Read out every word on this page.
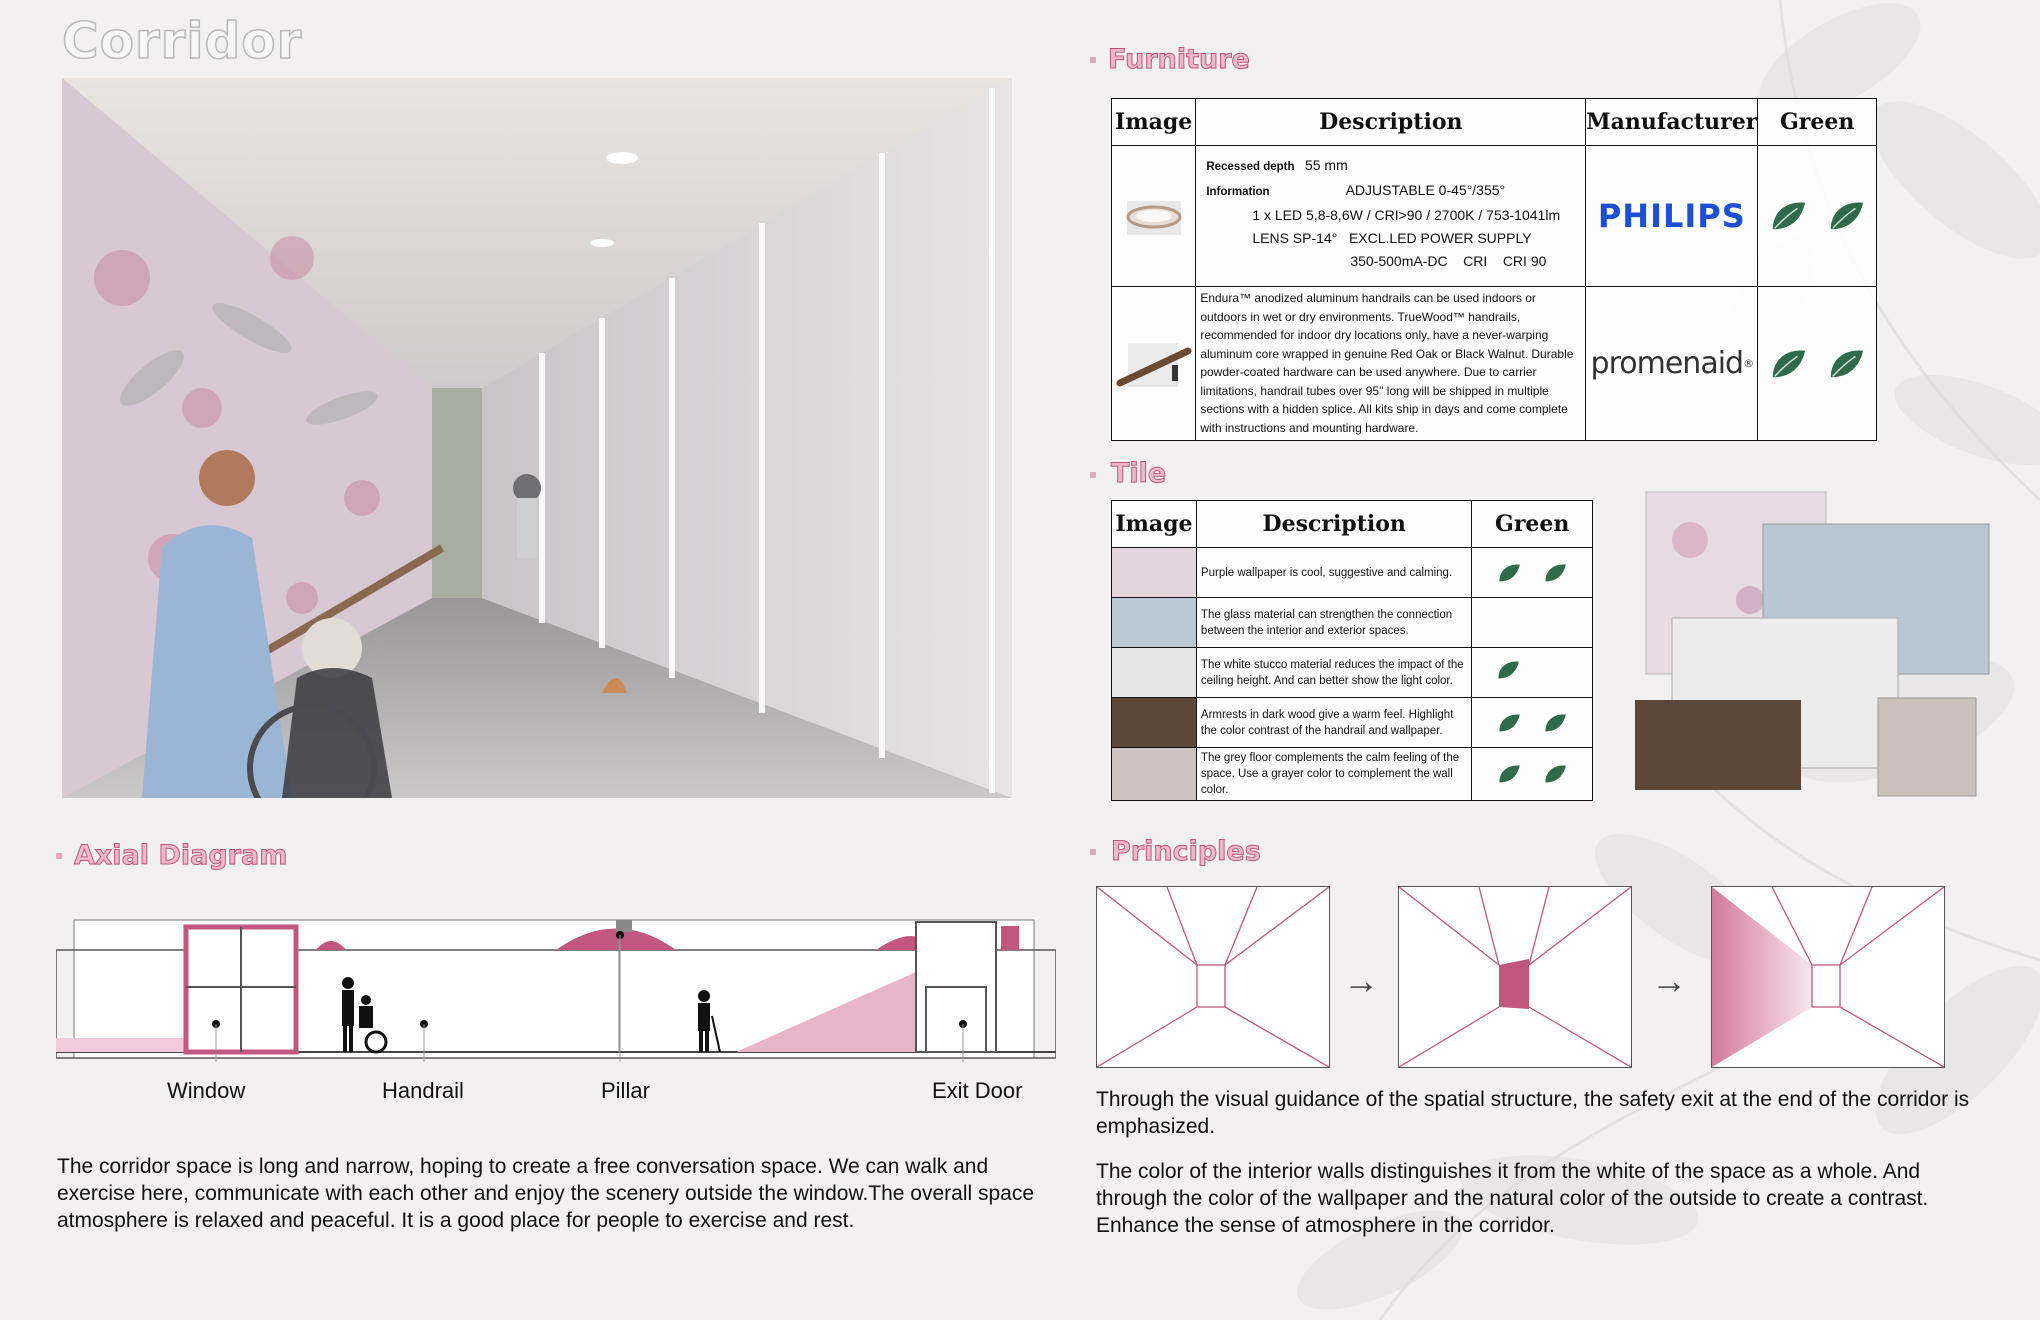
Corridor	Furniture
Image	Description	Manufacturer	Green

Recessed depth 55 mm
Information ADJUSTABLE 0-45°/355°
1 x LED 5,8-8,6W / CRI>90 / 2700K / 753-1041lm
LENS SP-14°   EXCL.LED POWER SUPPLY
350-500mA-DC    CRI    CRI 90	PHILIPS

Endura™ anodized aluminum handrails can be used indoors or outdoors in wet or dry environments. TrueWood™ handrails, recommended for indoor dry locations only, have a never-warping aluminum core wrapped in genuine Red Oak or Black Walnut. Durable powder-coated hardware can be used anywhere. Due to carrier limitations, handrail tubes over 95" long will be shipped in multiple sections with a hidden splice. All kits ship in days and come complete with instructions and mounting hardware.	promenaid ®

Tile
Image	Description	Green

	Purple wallpaper is cool, suggestive and calming.

	The glass material can strengthen the connection between the interior and exterior spaces.	

	The white stucco material reduces the impact of the ceiling height. And can better show the light color.

	Armrests in dark wood give a warm feel. Highlight the color contrast of the handrail and wallpaper.

	The grey floor complements the calm feeling of the space. Use a grayer color to complement the wall color.

Axial Diagram
Window	Handrail	Pillar	Exit Door
The corridor space is long and narrow, hoping to create a free conversation space. We can walk and exercise here, communicate with each other and enjoy the scenery outside the window.The overall space atmosphere is relaxed and peaceful. It is a good place for people to exercise and rest.
Principles
→	→
Through the visual guidance of the spatial structure, the safety exit at the end of the corridor is emphasized.
The color of the interior walls distinguishes it from the white of the space as a whole. And through the color of the wallpaper and the natural color of the outside to create a contrast. Enhance the sense of atmosphere in the corridor.
